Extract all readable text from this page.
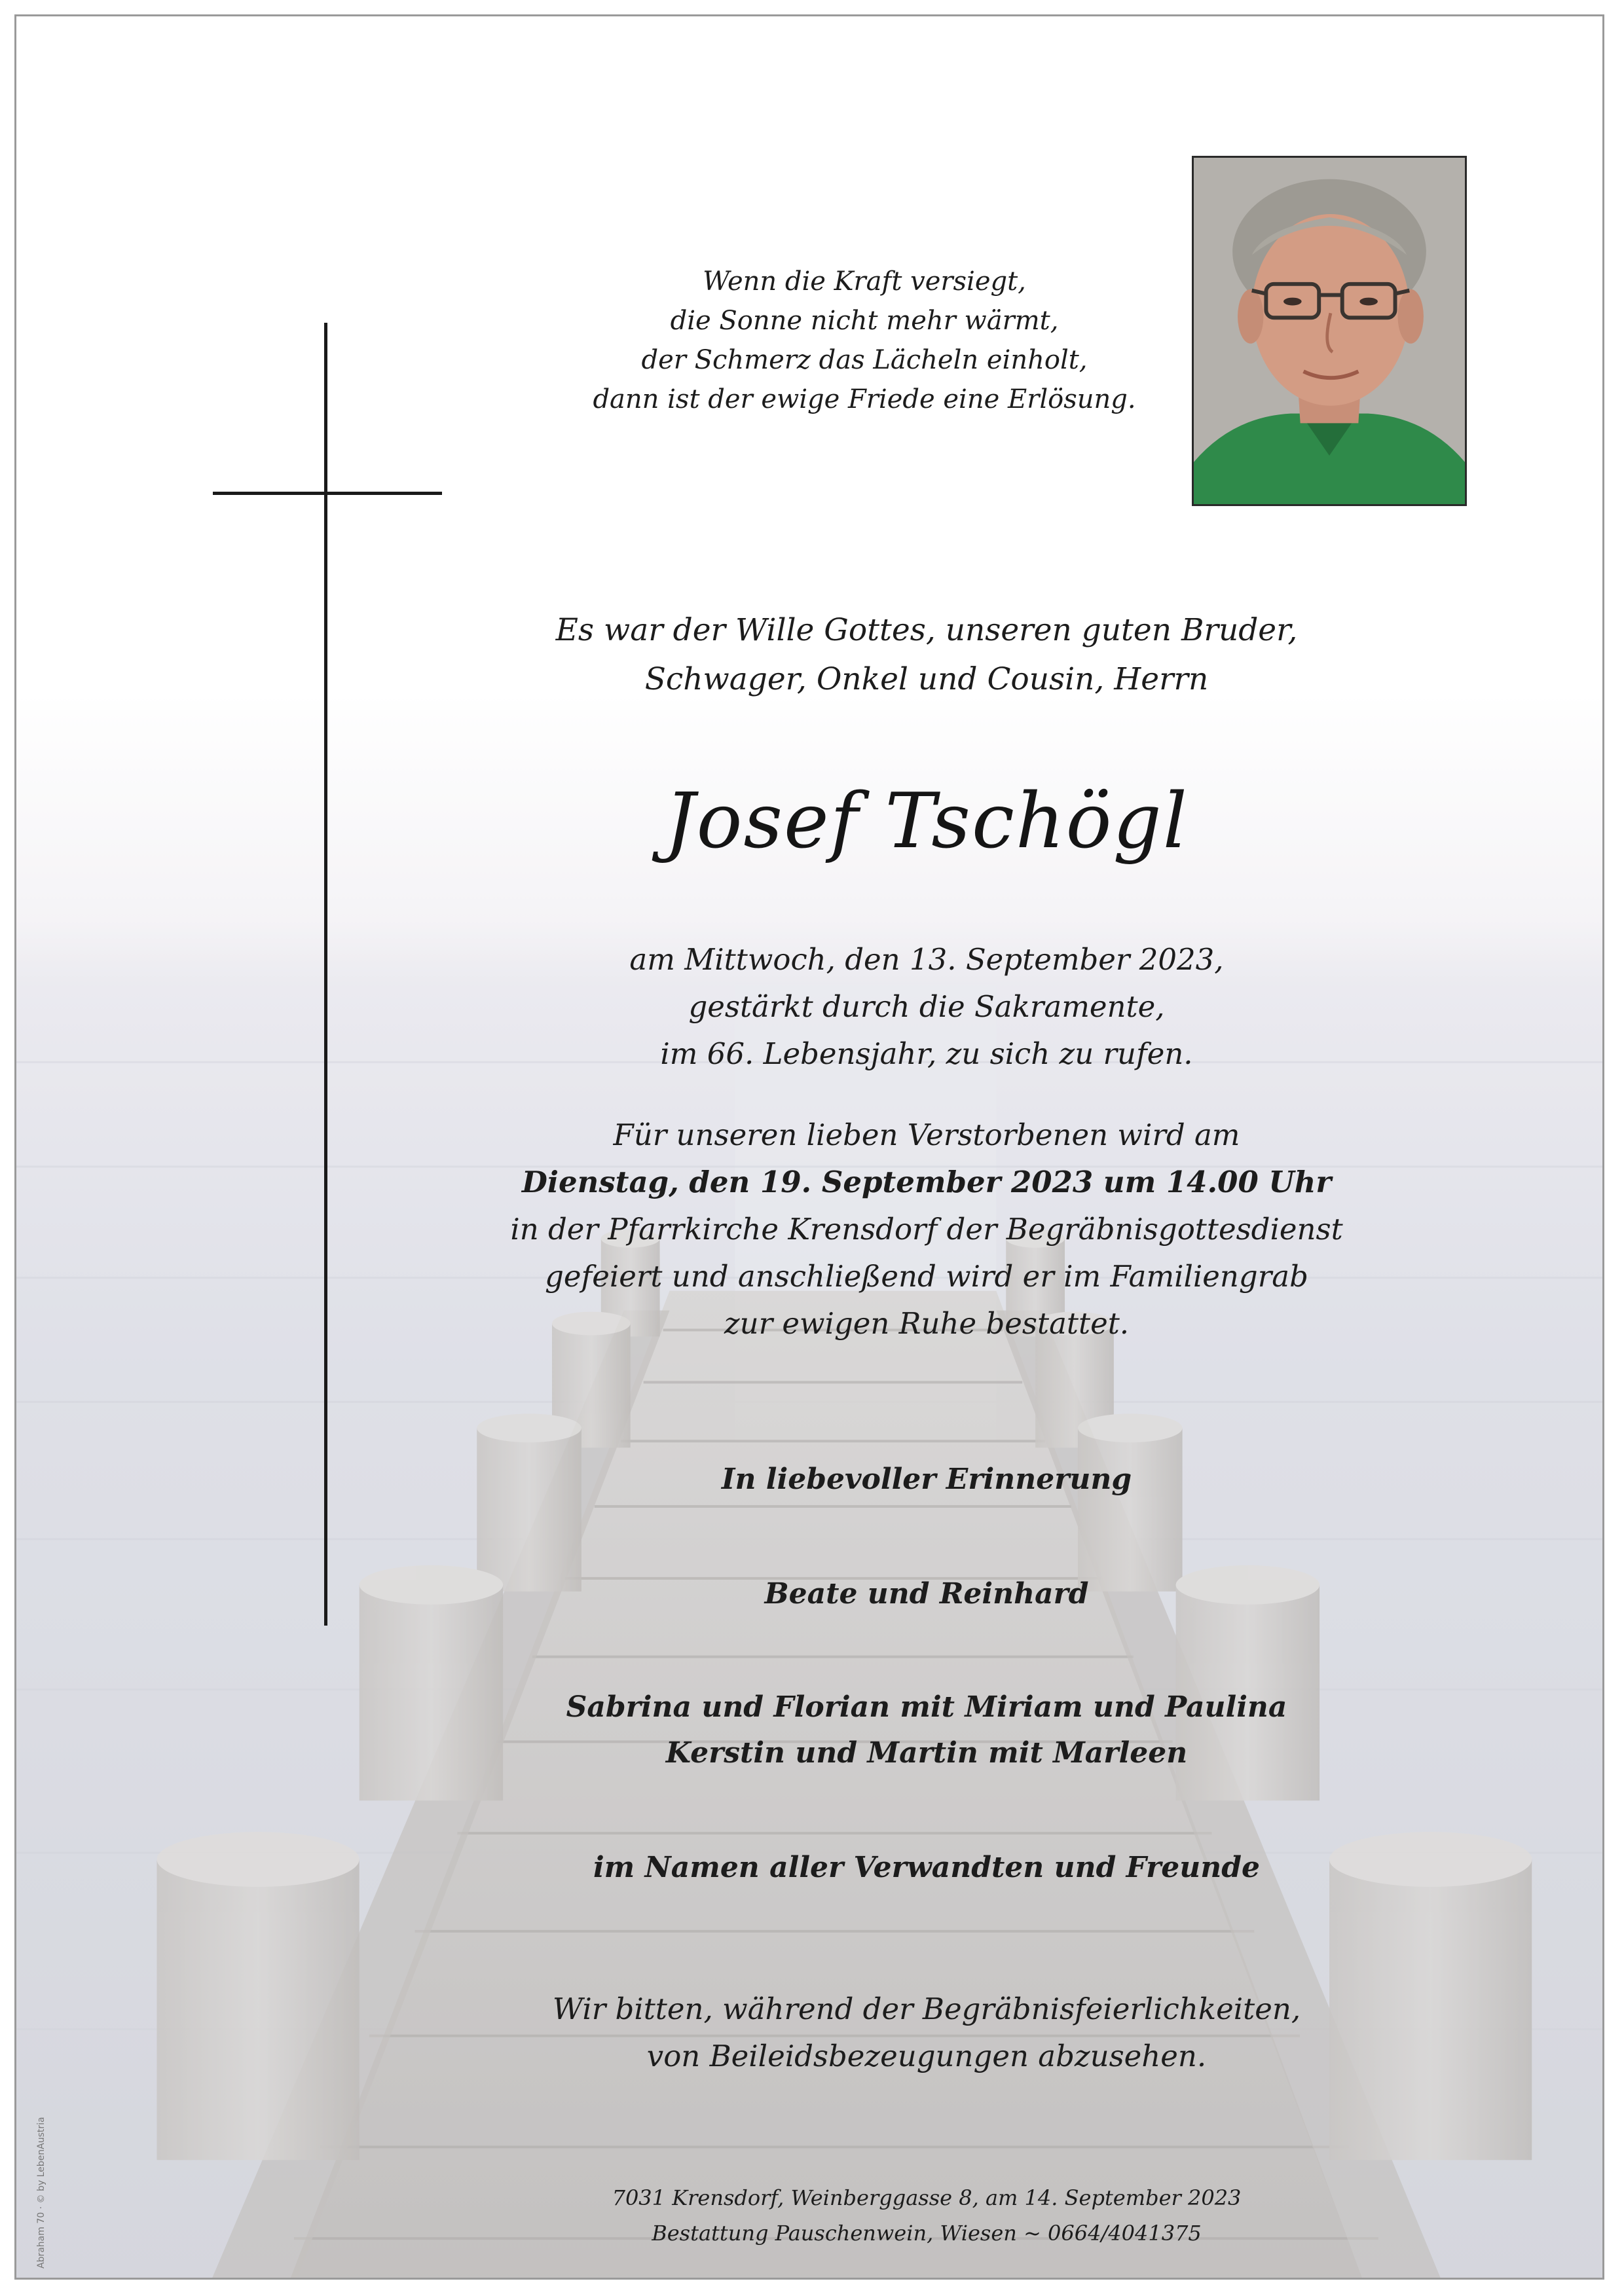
Wenn die Kraft versiegt,
die Sonne nicht mehr wärmt,
der Schmerz das Lächeln einholt,
dann ist der ewige Friede eine Erlösung.
Es war der Wille Gottes, unseren guten Bruder,
Schwager, Onkel und Cousin, Herrn
Josef Tschögl
am Mittwoch, den 13. September 2023,
gestärkt durch die Sakramente,
im 66. Lebensjahr, zu sich zu rufen.
Für unseren lieben Verstorbenen wird am
Dienstag, den 19. September 2023 um 14.00 Uhr
in der Pfarrkirche Krensdorf der Begräbnisgottesdienst
gefeiert und anschließend wird er im Familiengrab
zur ewigen Ruhe bestattet.
In liebevoller Erinnerung
Beate und Reinhard
Sabrina und Florian mit Miriam und Paulina
Kerstin und Martin mit Marleen
im Namen aller Verwandten und Freunde
Wir bitten, während der Begräbnisfeierlichkeiten,
von Beileidsbezeugungen abzusehen.
7031 Krensdorf, Weinberggasse 8, am 14. September 2023
Bestattung Pauschenwein, Wiesen ~ 0664/4041375
Abraham 70 · © by LebenAustria
